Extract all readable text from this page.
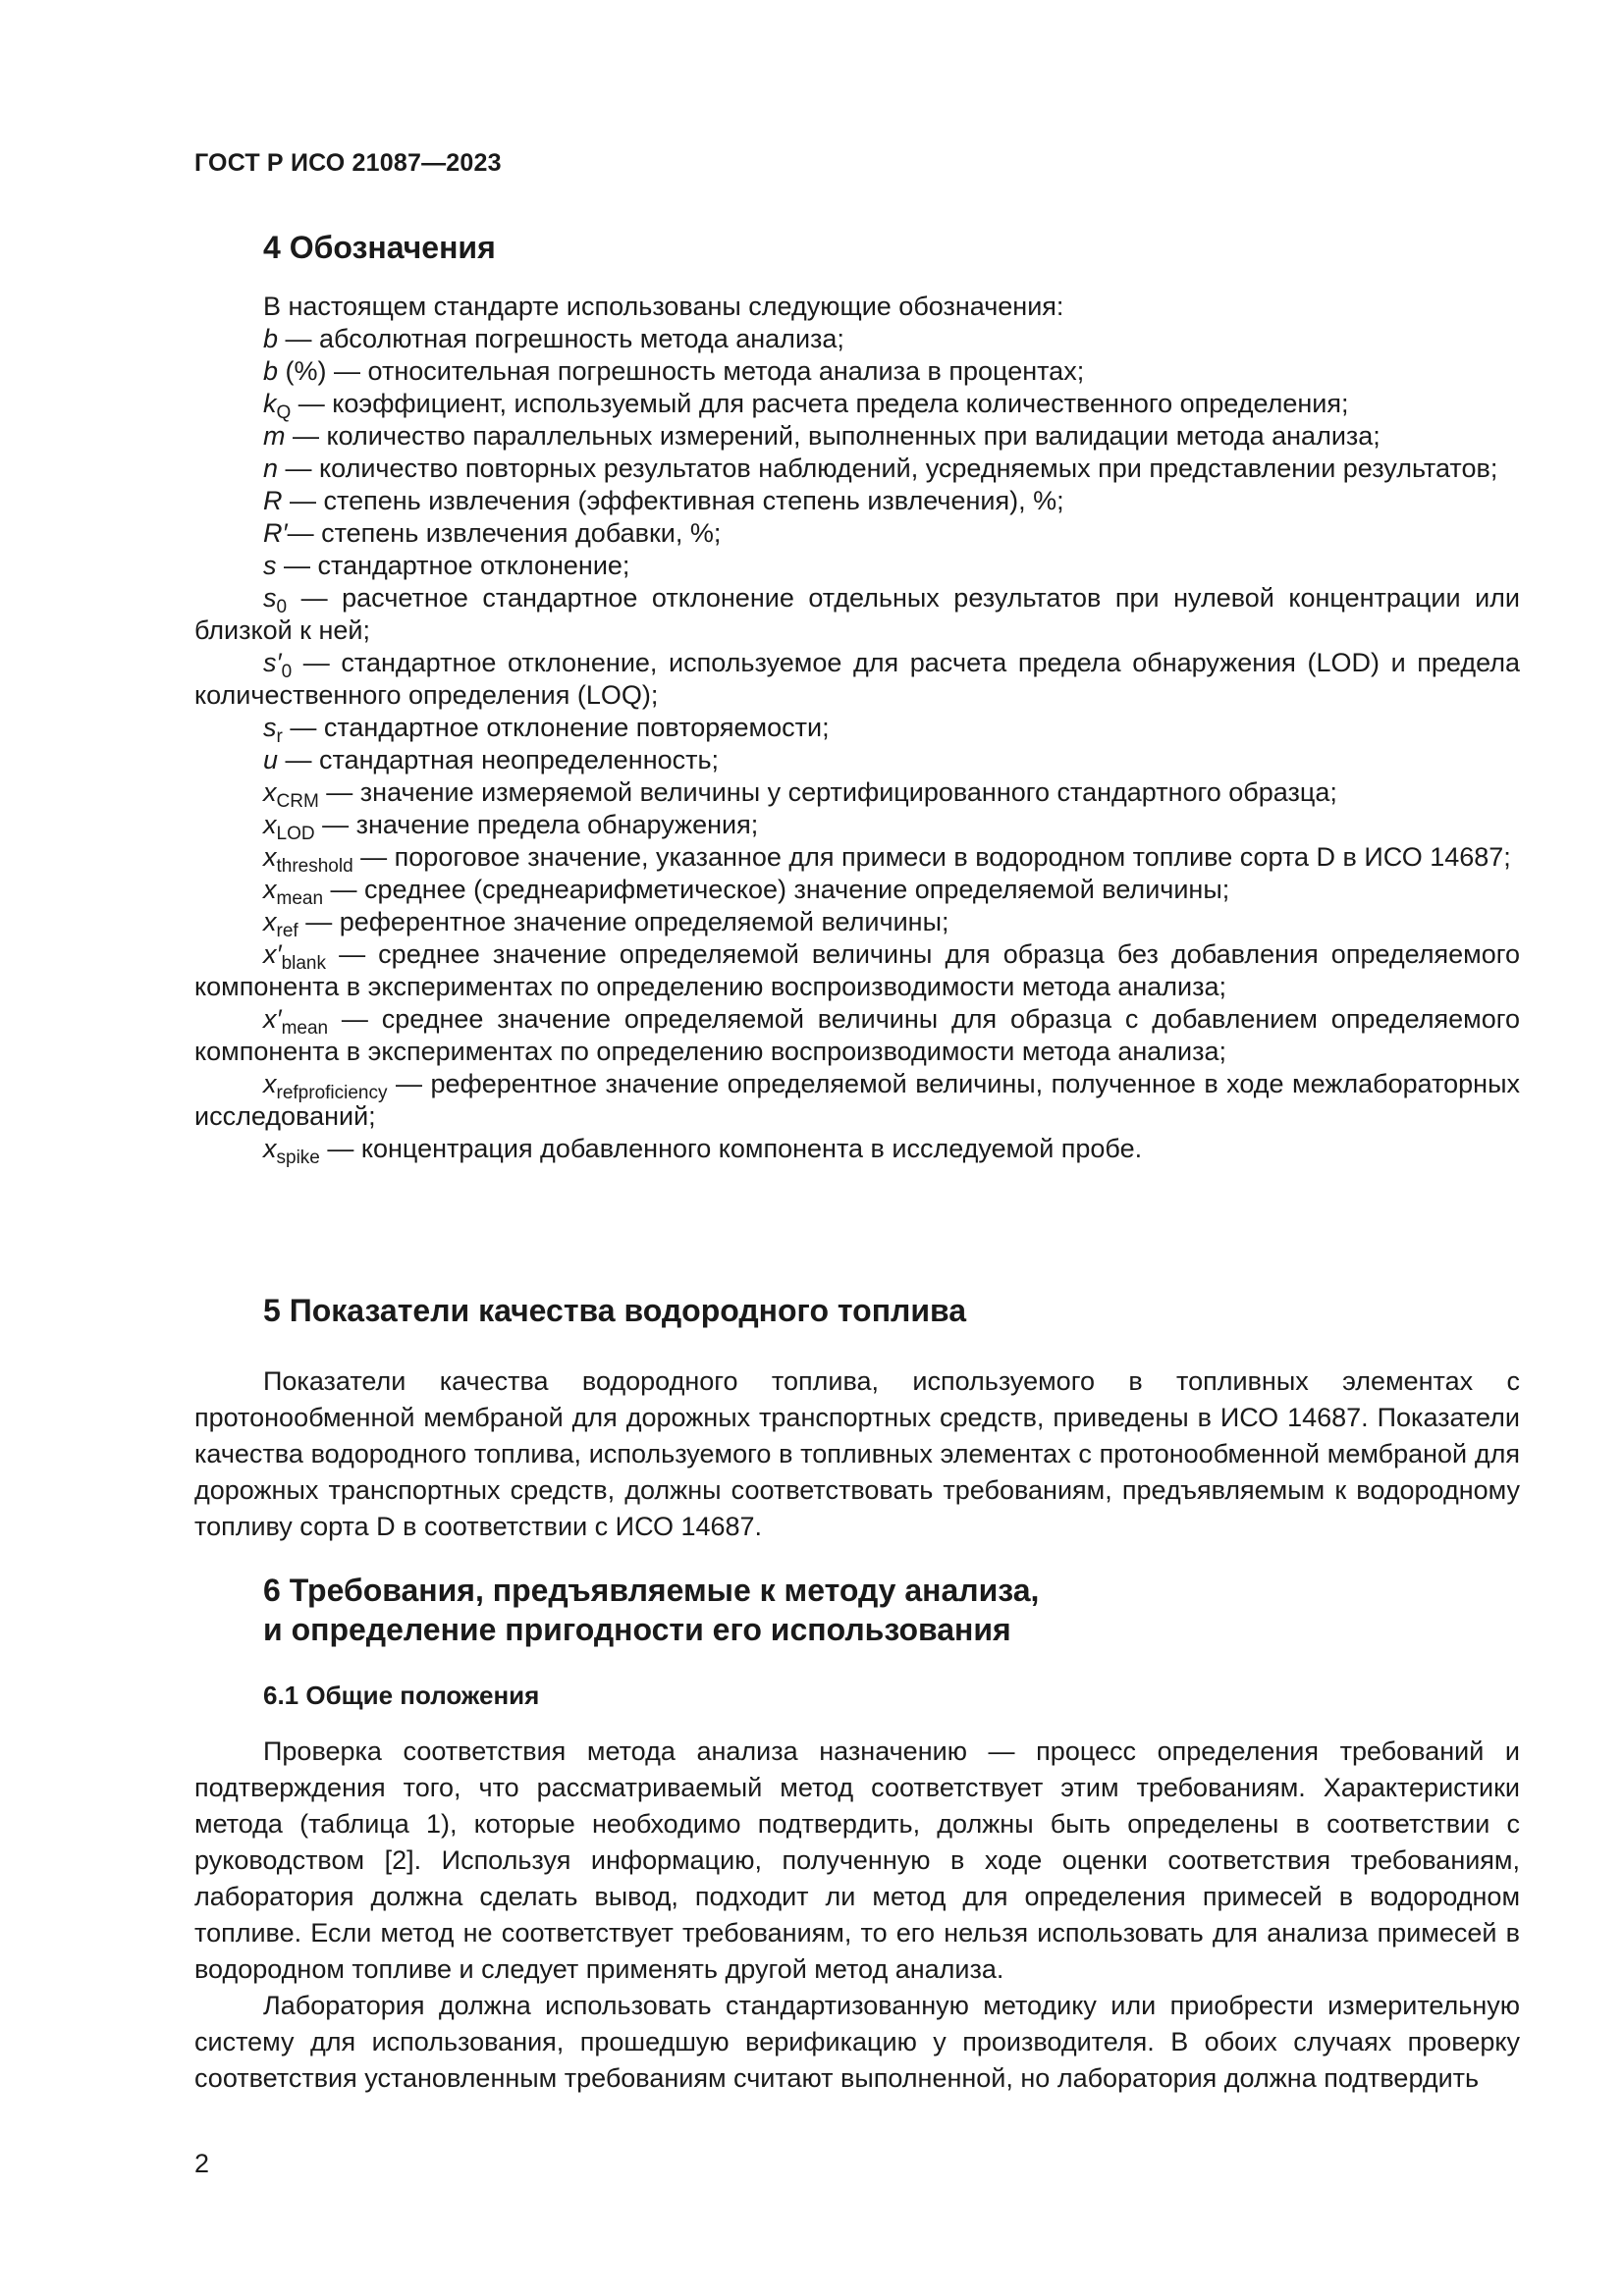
ГОСТ Р ИСО 21087—2023
4 Обозначения

В настоящем стандарте использованы следующие обозначения:

b — абсолютная погрешность метода анализа;

b (%) — относительная погрешность метода анализа в процентах;

$k_Q$ — коэффициент, используемый для расчета предела количественного определения;

m — количество параллельных измерений, выполненных при валидации метода анализа;

n — количество повторных результатов наблюдений, усредняемых при представлении результатов;

R — степень извлечения (эффективная степень извлечения), %;

R′— степень извлечения добавки, %;

s — стандартное отклонение;

$s_0$ — расчетное стандартное отклонение отдельных результатов при нулевой концентрации или близкой к ней;

$s'_0$ — стандартное отклонение, используемое для расчета предела обнаружения (LOD) и предела количественного определения (LOQ);

$s_r$ — стандартное отклонение повторяемости;

u — стандартная неопределенность;

$x_{CRM}$ — значение измеряемой величины у сертифицированного стандартного образца;

$x_{LOD}$ — значение предела обнаружения;

$x_{threshold}$ — пороговое значение, указанное для примеси в водородном топливе сорта D в ИСО 14687;

$x_{mean}$ — среднее (среднеарифметическое) значение определяемой величины;

$x_{ref}$ — референтное значение определяемой величины;

$x'_{blank}$ — среднее значение определяемой величины для образца без добавления определяемого компонента в экспериментах по определению воспроизводимости метода анализа;

$x'_{mean}$ — среднее значение определяемой величины для образца с добавлением определяемого компонента в экспериментах по определению воспроизводимости метода анализа;

$x_{refproficiency}$ — референтное значение определяемой величины, полученное в ходе межлабораторных исследований;

$x_{spike}$ — концентрация добавленного компонента в исследуемой пробе.

5 Показатели качества водородного топлива

Показатели качества водородного топлива, используемого в топливных элементах с протонообменной мембраной для дорожных транспортных средств, приведены в ИСО 14687. Показатели качества водородного топлива, используемого в топливных элементах с протонообменной мембраной для дорожных транспортных средств, должны соответствовать требованиям, предъявляемым к водородному топливу сорта D в соответствии с ИСО 14687.

6 Требования, предъявляемые к методу анализа,
и определение пригодности его использования
6.1 Общие положения

Проверка соответствия метода анализа назначению — процесс определения требований и подтверждения того, что рассматриваемый метод соответствует этим требованиям. Характеристики метода (таблица 1), которые необходимо подтвердить, должны быть определены в соответствии с руководством [2]. Используя информацию, полученную в ходе оценки соответствия требованиям, лаборатория должна сделать вывод, подходит ли метод для определения примесей в водородном топливе. Если метод не соответствует требованиям, то его нельзя использовать для анализа примесей в водородном топливе и следует применять другой метод анализа.

Лаборатория должна использовать стандартизованную методику или приобрести измерительную систему для использования, прошедшую верификацию у производителя. В обоих случаях проверку соответствия установленным требованиям считают выполненной, но лаборатория должна подтвердить

2
